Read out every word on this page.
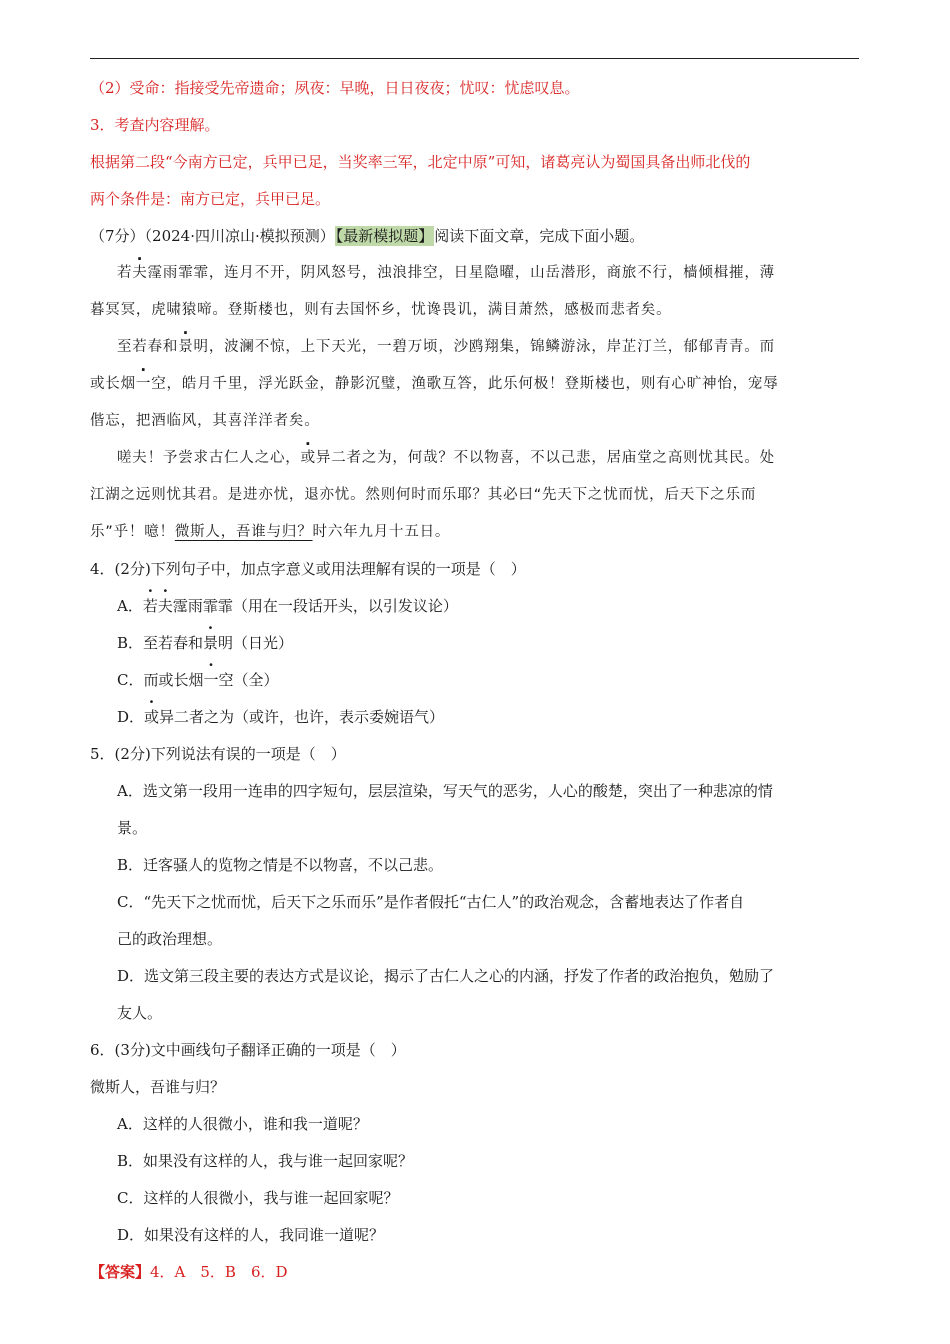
（2）受命：指接受先帝遗命；夙夜：早晚，日日夜夜；忧叹：忧虑叹息。

3．考查内容理解。

根据第二段“今南方已定，兵甲已足，当奖率三军，北定中原”可知，诸葛亮认为蜀国具备出师北伐的

两个条件是：南方已定，兵甲已足。

（7分）（2024·四川凉山·模拟预测）【最新模拟题】阅读下面文章，完成下面小题。

若夫霪雨霏霏，连月不开，阴风怒号，浊浪排空，日星隐曜，山岳潜形，商旅不行，樯倾楫摧，薄

暮冥冥，虎啸猿啼。登斯楼也，则有去国怀乡，忧谗畏讥，满目萧然，感极而悲者矣。

至若春和景明，波澜不惊，上下天光，一碧万顷，沙鸥翔集，锦鳞游泳，岸芷汀兰，郁郁青青。而

或长烟一空，皓月千里，浮光跃金，静影沉璧，渔歌互答，此乐何极！登斯楼也，则有心旷神怡，宠辱

偕忘，把酒临风，其喜洋洋者矣。

嗟夫！予尝求古仁人之心，或异二者之为，何哉？不以物喜，不以己悲，居庙堂之高则忧其民。处

江湖之远则忧其君。是进亦忧，退亦忧。然则何时而乐耶？其必曰“先天下之忧而忧，后天下之乐而

乐”乎！噫！微斯人，吾谁与归？时六年九月十五日。

4．(2分)下列句子中，加点字意义或用法理解有误的一项是（　）

A．若夫霪雨霏霏（用在一段话开头，以引发议论）

B．至若春和景明（日光）

C．而或长烟一空（全）

D．或异二者之为（或许，也许，表示委婉语气）

5．(2分)下列说法有误的一项是（　）

A．选文第一段用一连串的四字短句，层层渲染，写天气的恶劣，人心的酸楚，突出了一种悲凉的情

景。

B．迁客骚人的览物之情是不以物喜，不以己悲。

C．“先天下之忧而忧，后天下之乐而乐”是作者假托“古仁人”的政治观念，含蓄地表达了作者自

己的政治理想。

D．选文第三段主要的表达方式是议论，揭示了古仁人之心的内涵，抒发了作者的政治抱负，勉励了

友人。

6．(3分)文中画线句子翻译正确的一项是（　）

微斯人，吾谁与归？

A．这样的人很微小，谁和我一道呢？

B．如果没有这样的人，我与谁一起回家呢？

C．这样的人很微小，我与谁一起回家呢？

D．如果没有这样的人，我同谁一道呢？

【答案】4．A　5．B　6．D
